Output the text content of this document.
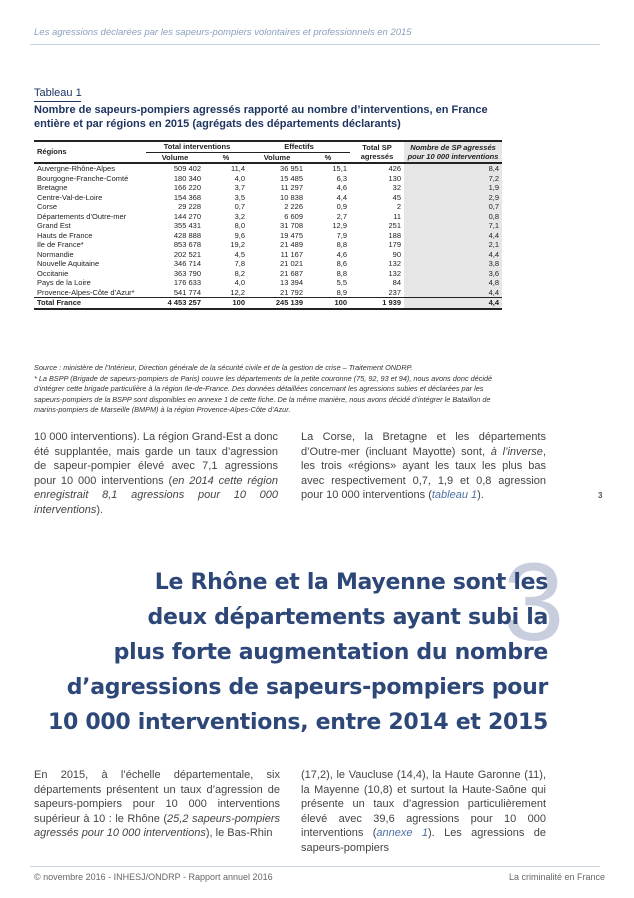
Les agressions déclarées par les sapeurs-pompiers volontaires et professionnels en 2015
Tableau 1
Nombre de sapeurs-pompiers agressés rapporté au nombre d’interventions, en France entière et par régions en 2015 (agrégats des départements déclarants)
Régions	Total interventions		Effectifs		Total SP agressés	Nombre de SP agressés pour 10 000 interventions
	Volume	%	Volume	%		
Auvergne-Rhône-Alpes	509 402	11,4	36 951	15,1	426	8,4
Bourgogne-Franche-Comté	180 340	4,0	15 485	6,3	130	7,2
Bretagne	166 220	3,7	11 297	4,6	32	1,9
Centre-Val-de-Loire	154 368	3,5	10 838	4,4	45	2,9
Corse	29 228	0,7	2 226	0,9	2	0,7
Départements d’Outre-mer	144 270	3,2	6 609	2,7	11	0,8
Grand Est	355 431	8,0	31 708	12,9	251	7,1
Hauts de France	428 888	9,6	19 475	7,9	188	4,4
Ile de France*	853 678	19,2	21 489	8,8	179	2,1
Normandie	202 521	4,5	11 167	4,6	90	4,4
Nouvelle Aquitaine	346 714	7,8	21 021	8,6	132	3,8
Occitanie	363 790	8,2	21 687	8,8	132	3,6
Pays de la Loire	176 633	4,0	13 394	5,5	84	4,8
Provence-Alpes-Côte d’Azur*	541 774	12,2	21 792	8,9	237	4,4
Total France	4 453 257	100	245 139	100	1 939	4,4
Source : ministère de l’Intérieur, Direction générale de la sécurité civile et de la gestion de crise – Traitement ONDRP.
* La BSPP (Brigade de sapeurs-pompiers de Paris) couvre les départements de la petite couronne (75, 92, 93 et 94), nous avons donc décidé d’intégrer cette brigade particulière à la région Ile-de-France. Des données détaillées concernant les agressions subies et déclarées par les sapeurs-pompiers de la BSPP sont disponibles en annexe 1 de cette fiche. De la même manière, nous avons décidé d’intégrer le Bataillon de marins-pompiers de Marseille (BMPM) à la région Provence-Alpes-Côte d’Azur.
10 000 interventions). La région Grand-Est a donc été supplantée, mais garde un taux d’agression de sapeur-pompier élevé avec 7,1 agressions pour 10 000 interventions (en 2014 cette région enregistrait 8,1 agressions pour 10 000 interventions).
La Corse, la Bretagne et les départements d’Outre-mer (incluant Mayotte) sont, à l’inverse, les trois «régions» ayant les taux les plus bas avec respectivement 0,7, 1,9 et 0,8 agression pour 10 000 interventions (tableau 1).	3
3
Le Rhône et la Mayenne sont les
deux départements ayant subi la
plus forte augmentation du nombre
d’agressions de sapeurs-pompiers pour
10 000 interventions, entre 2014 et 2015
En 2015, à l’échelle départementale, six départements présentent un taux d’agression de sapeurs-pompiers pour 10 000 interventions supérieur à 10 : le Rhône (25,2 sapeurs-pompiers agressés pour 10 000 interventions), le Bas-Rhin
(17,2), le Vaucluse (14,4), la Haute Garonne (11), la Mayenne (10,8) et surtout la Haute-Saône qui présente un taux d’agression particulièrement élevé avec 39,6 agressions pour 10 000 interventions (annexe 1). Les agressions de sapeurs-pompiers
© novembre 2016 - INHESJ/ONDRP - Rapport annuel 2016	La criminalité en France
